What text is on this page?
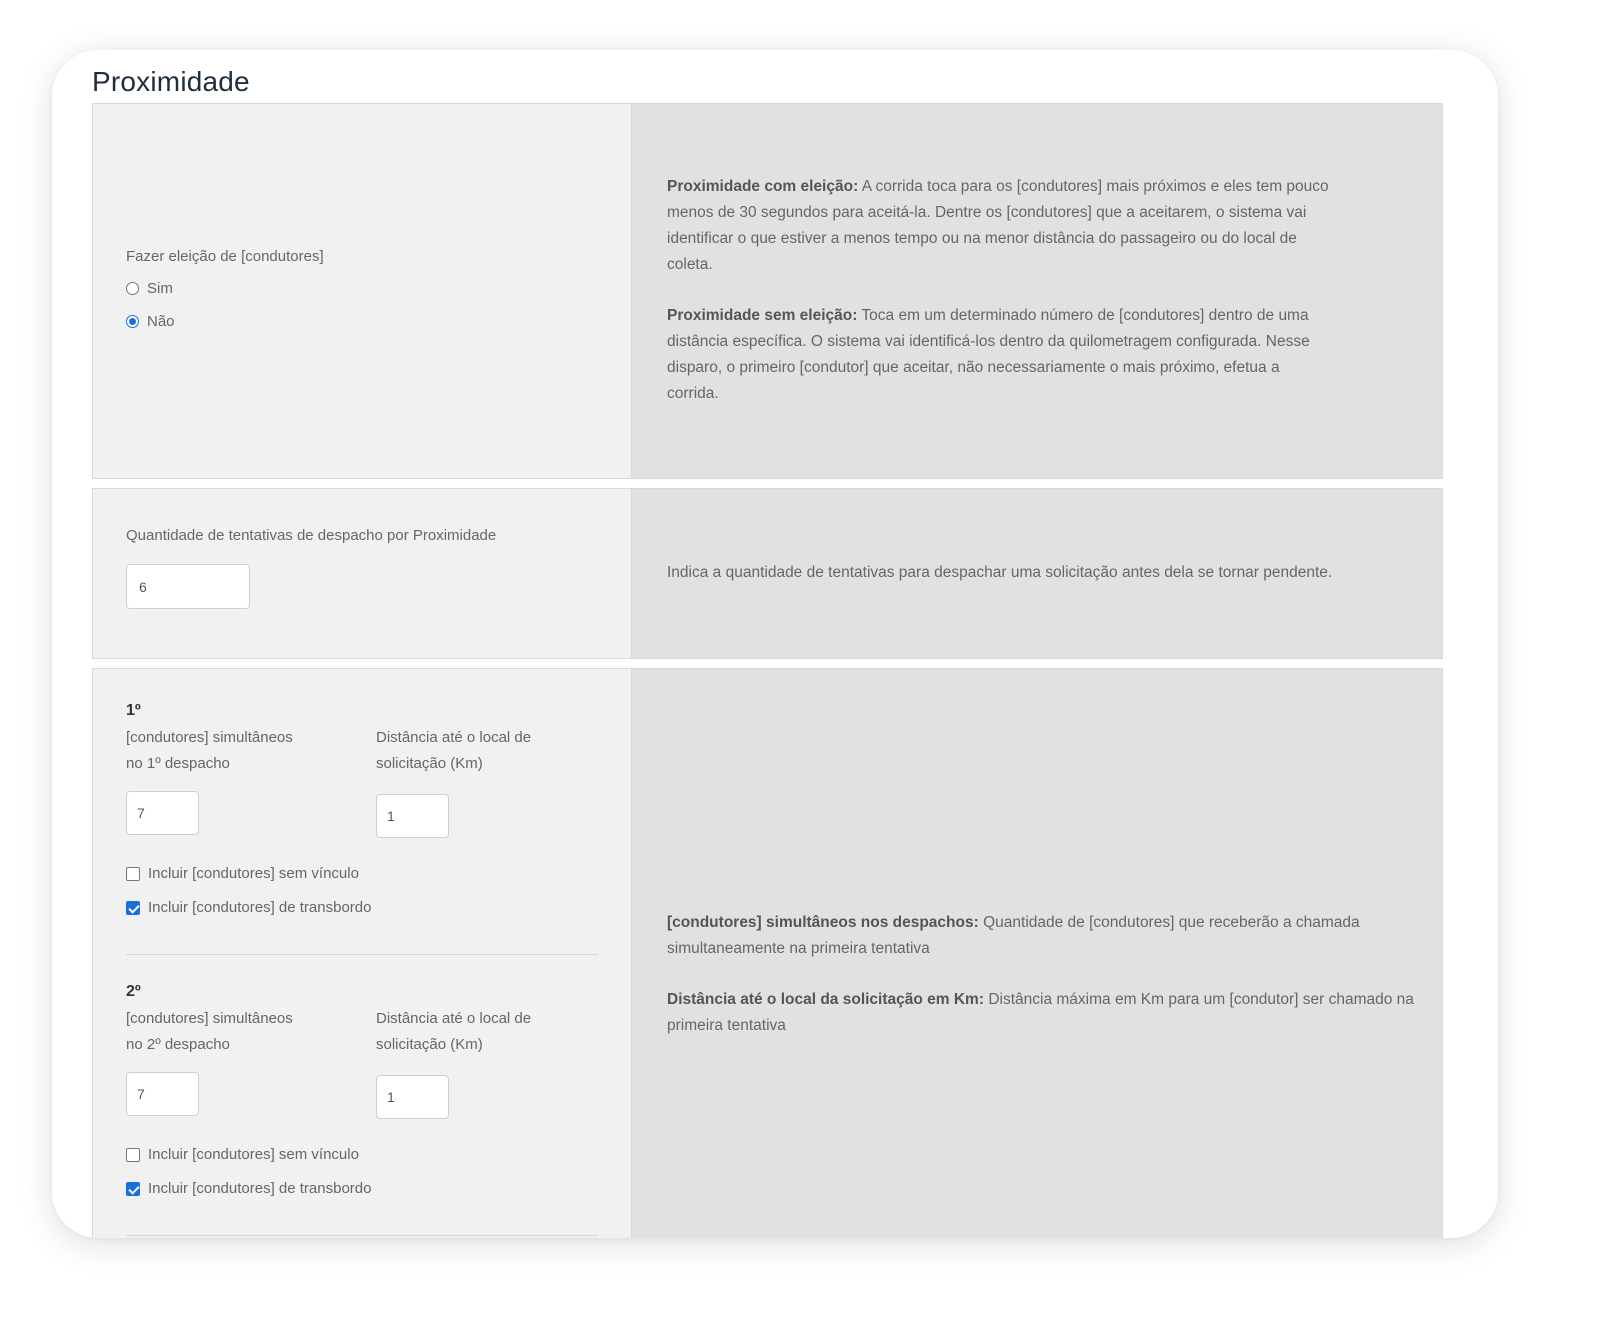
Proximidade
Fazer eleição de [condutores]
Sim
Não

Proximidade com eleição: A corrida toca para os [condutores] mais próximos e eles tem pouco menos de 30 segundos para aceitá-la. Dentre os [condutores] que a aceitarem, o sistema vai identificar o que estiver a menos tempo ou na menor distância do passageiro ou do local de coleta.

Proximidade sem eleição: Toca em um determinado número de [condutores] dentro de uma distância específica. O sistema vai identificá-los dentro da quilometragem configurada. Nesse disparo, o primeiro [condutor] que aceitar, não necessariamente o mais próximo, efetua a corrida.

Quantidade de tentativas de despacho por Proximidade
6
Indica a quantidade de tentativas para despachar uma solicitação antes dela se tornar pendente.
1º
[condutores] simultâneos
no 1º despacho
Distância até o local de
solicitação (Km)
7	1
Incluir [condutores] sem vínculo
Incluir [condutores] de transbordo
2º
[condutores] simultâneos
no 2º despacho
Distância até o local de
solicitação (Km)
7	1
Incluir [condutores] sem vínculo
Incluir [condutores] de transbordo

[condutores] simultâneos nos despachos: Quantidade de [condutores] que receberão a chamada simultaneamente na primeira tentativa

Distância até o local da solicitação em Km: Distância máxima em Km para um [condutor] ser chamado na primeira tentativa
